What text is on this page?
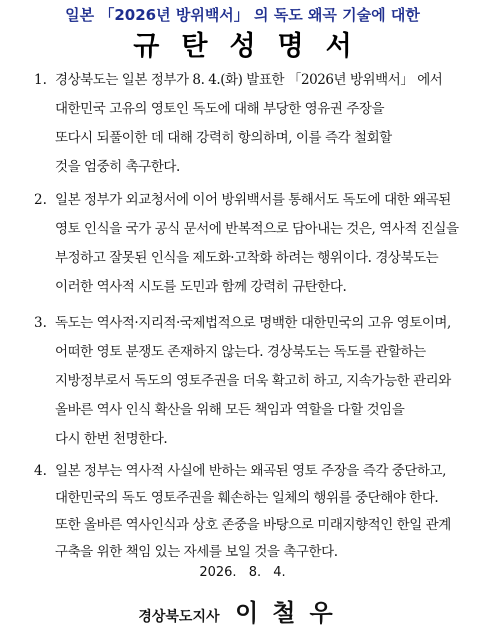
일본 「2026년 방위백서」 의 독도 왜곡 기술에 대한
규탄성명서
1. 경상북도는 일본 정부가 8. 4.(화) 발표한 「2026년 방위백서」 에서
대한민국 고유의 영토인 독도에 대해 부당한 영유권 주장을
또다시 되풀이한 데 대해 강력히 항의하며, 이를 즉각 철회할
것을 엄중히 촉구한다.
2. 일본 정부가 외교청서에 이어 방위백서를 통해서도 독도에 대한 왜곡된
영토 인식을 국가 공식 문서에 반복적으로 담아내는 것은, 역사적 진실을
부정하고 잘못된 인식을 제도화·고착화 하려는 행위이다. 경상북도는
이러한 역사적 시도를 도민과 함께 강력히 규탄한다.
3. 독도는 역사적·지리적·국제법적으로 명백한 대한민국의 고유 영토이며,
어떠한 영토 분쟁도 존재하지 않는다. 경상북도는 독도를 관할하는
지방정부로서 독도의 영토주권을 더욱 확고히 하고, 지속가능한 관리와
올바른 역사 인식 확산을 위해 모든 책임과 역할을 다할 것임을
다시 한번 천명한다.
4. 일본 정부는 역사적 사실에 반하는 왜곡된 영토 주장을 즉각 중단하고,
대한민국의 독도 영토주권을 훼손하는 일체의 행위를 중단해야 한다.
또한 올바른 역사인식과 상호 존중을 바탕으로 미래지향적인 한일 관계
구축을 위한 책임 있는 자세를 보일 것을 촉구한다.
2026. 8. 4.
경상북도지사 이철우
